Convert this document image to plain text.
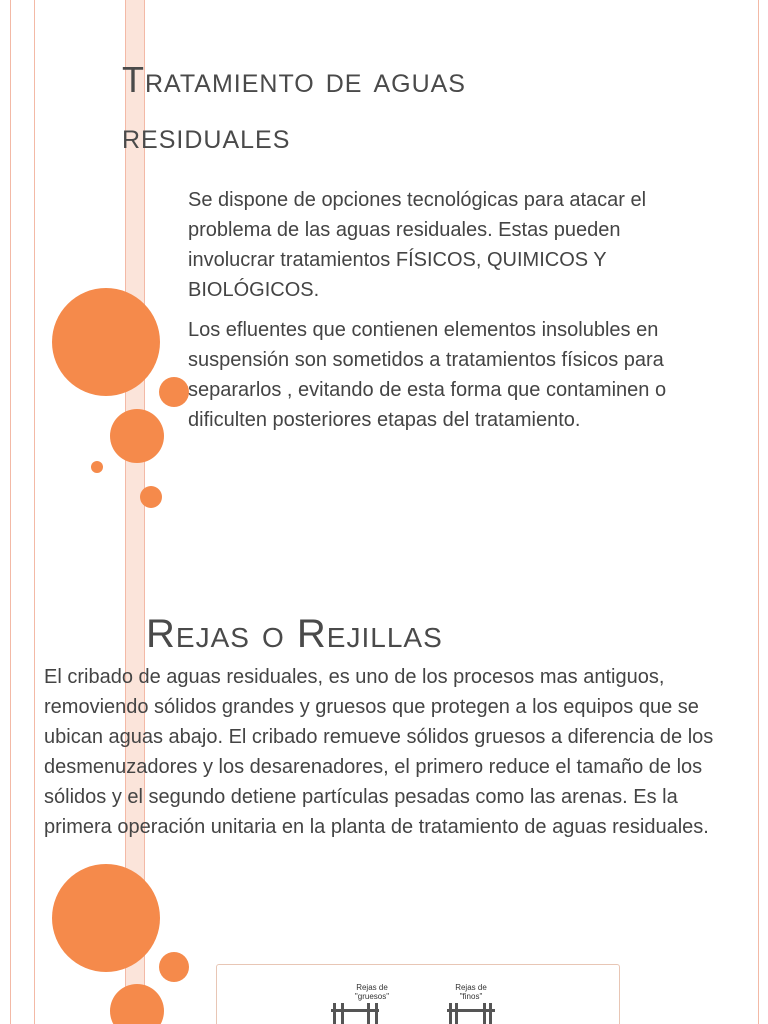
Tratamiento de aguas
residuales

Se dispone de opciones tecnológicas para atacar el problema de las aguas residuales. Estas pueden involucrar tratamientos FÍSICOS, QUIMICOS Y BIOLÓGICOS.

Los efluentes que contienen elementos insolubles en suspensión son sometidos a tratamientos físicos para separarlos , evitando de esta forma que contaminen o dificulten posteriores etapas del tratamiento.

Rejas o Rejillas

El cribado de aguas residuales, es uno de los procesos mas antiguos, removiendo sólidos grandes y gruesos que protegen a los equipos que se ubican aguas abajo. El cribado remueve sólidos gruesos a diferencia de los desmenuzadores y los desarenadores, el primero reduce el tamaño de los sólidos y el segundo detiene partículas pesadas como las arenas. Es la primera operación unitaria en la planta de tratamiento de aguas residuales.

Rejas de
"gruesos"
Rejas de
"finos"
